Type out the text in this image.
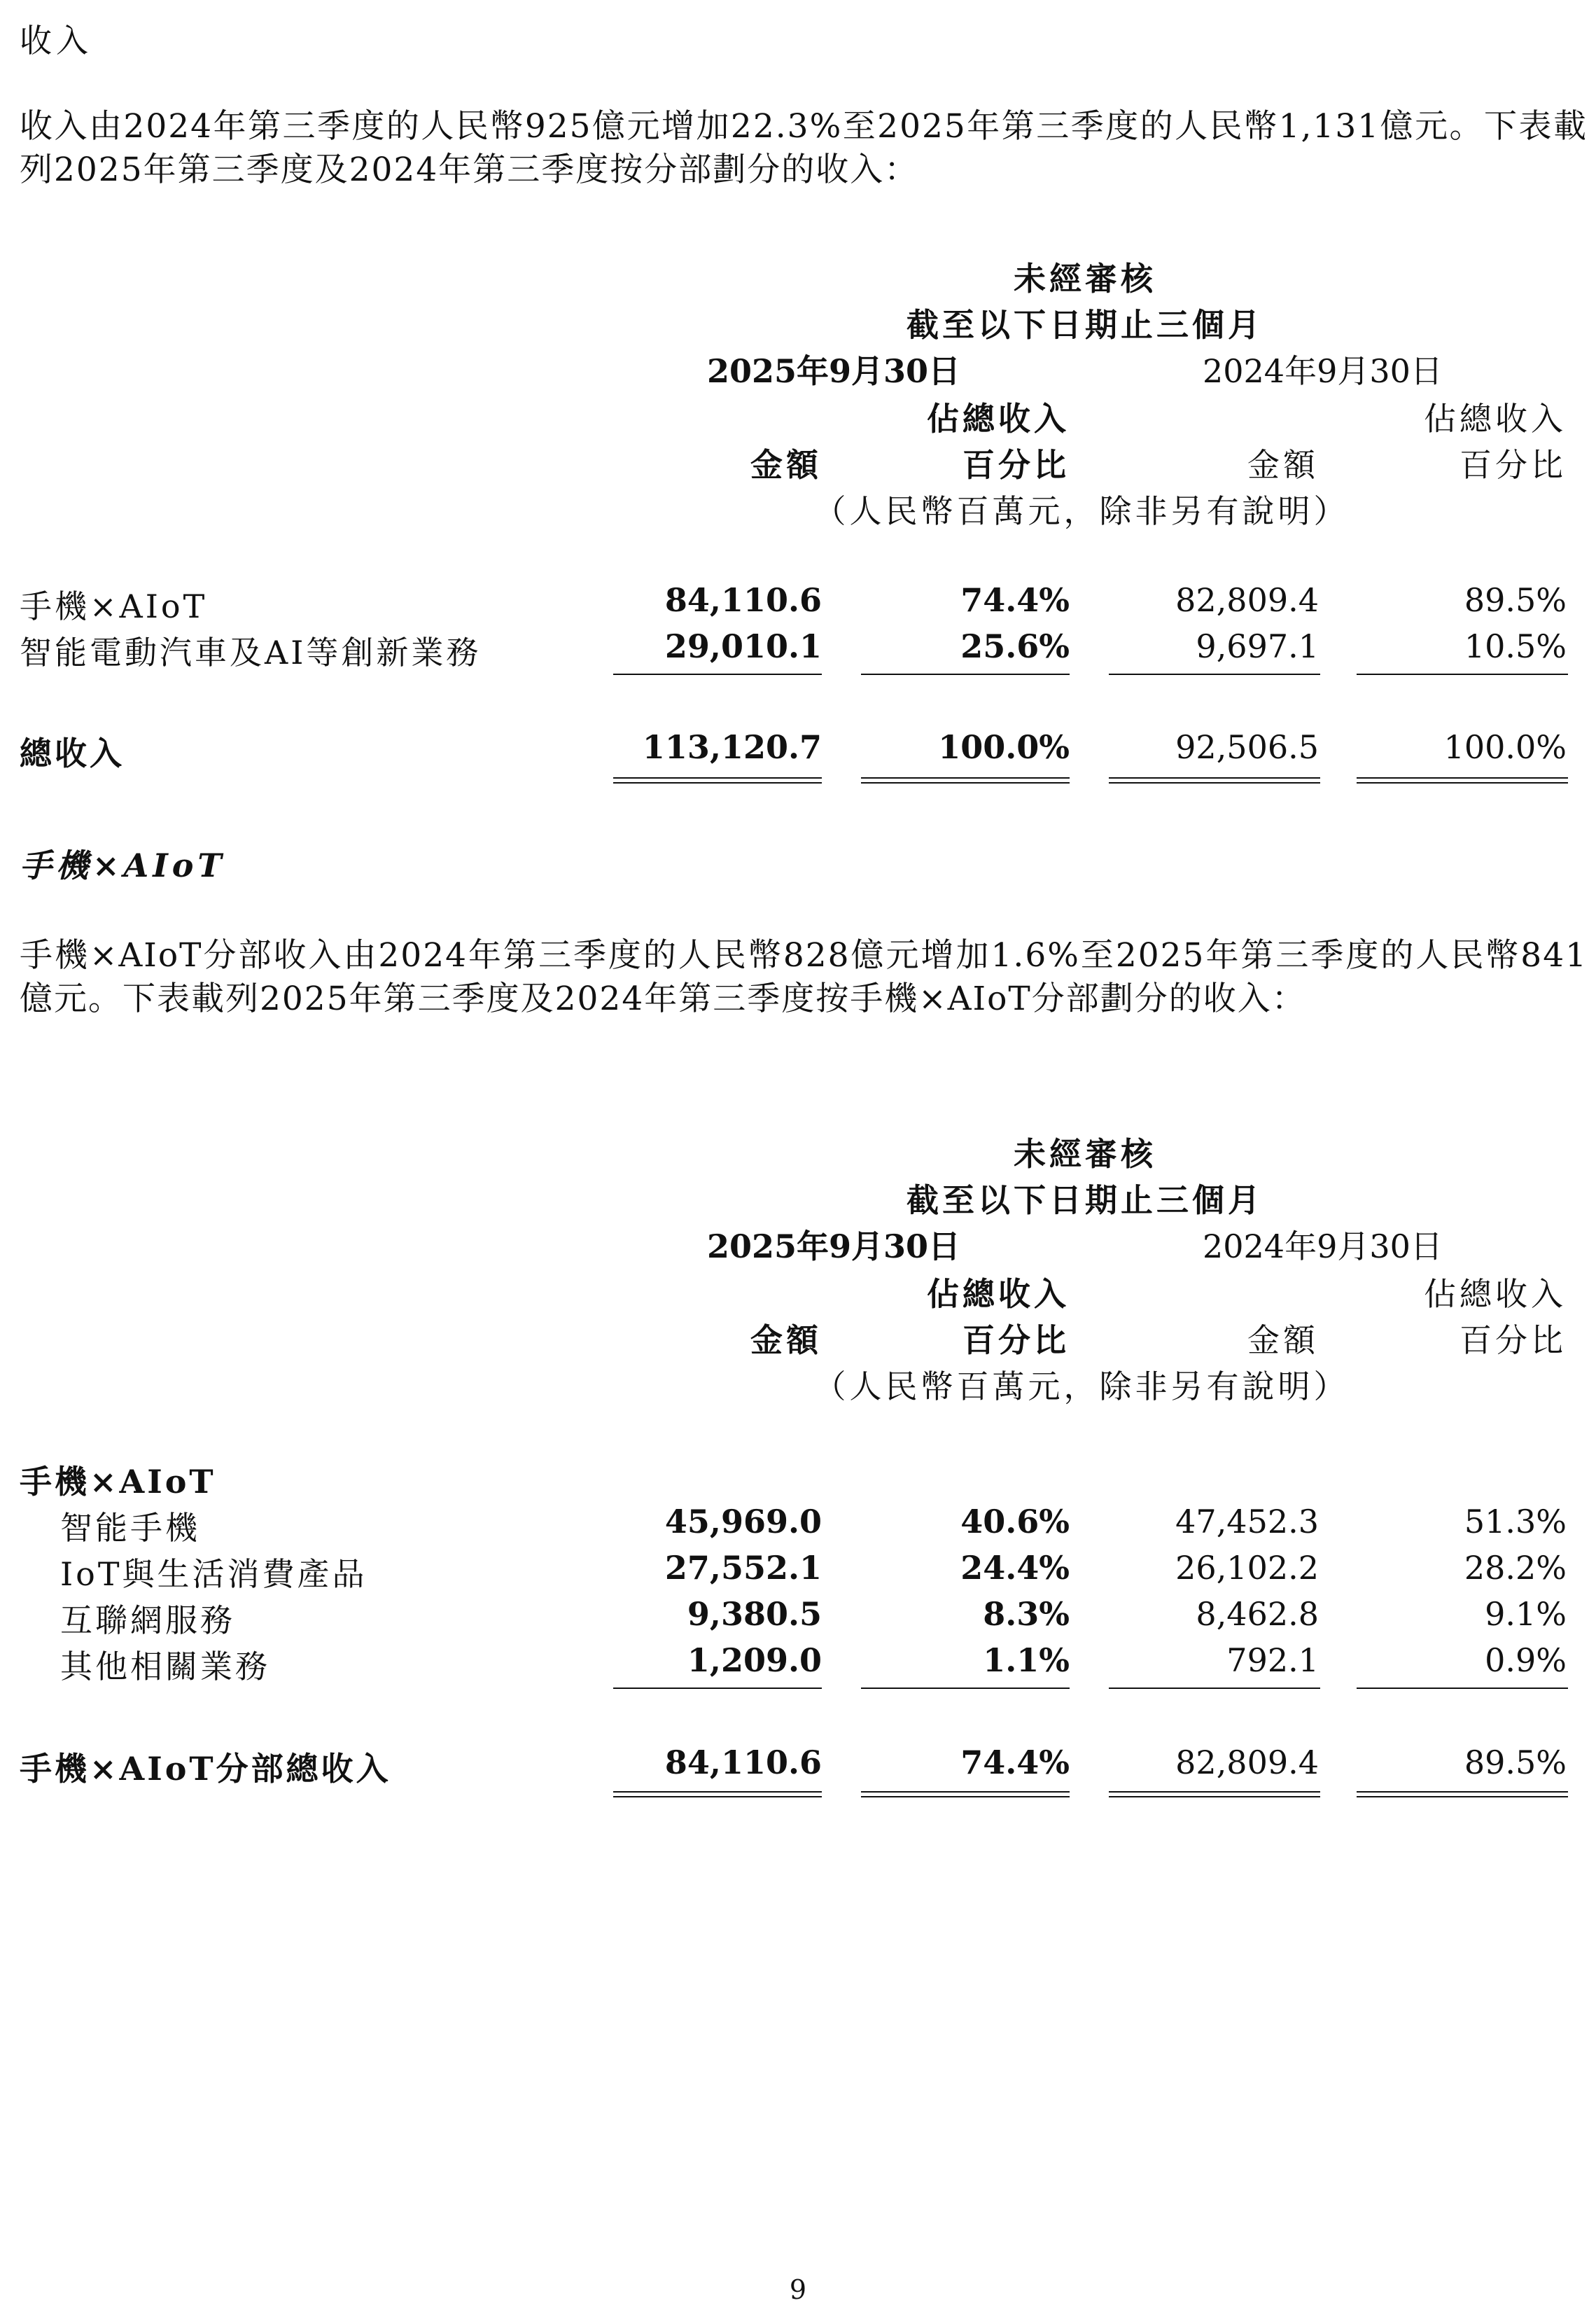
收入
收入由2024年第三季度的人民幣925億元增加22.3%至2025年第三季度的人民幣1,131億元。下表載列2025年第三季度及2024年第三季度按分部劃分的收入：
未經審核
截至以下日期止三個月
2025年9月30日	2024年9月30日
佔總收入	佔總收入
金額	百分比	金額	百分比
（人民幣百萬元，除非另有說明）
手機×AIoT	84,110.6	74.4%	82,809.4	89.5%
智能電動汽車及AI等創新業務	29,010.1	25.6%	9,697.1	10.5%
總收入	113,120.7	100.0%	92,506.5	100.0%
手機×AIoT
手機×AIoT分部收入由2024年第三季度的人民幣828億元增加1.6%至2025年第三季度的人民幣841億元。下表載列2025年第三季度及2024年第三季度按手機×AIoT分部劃分的收入：
未經審核
截至以下日期止三個月
2025年9月30日	2024年9月30日
佔總收入	佔總收入
金額	百分比	金額	百分比
（人民幣百萬元，除非另有說明）
手機×AIoT
智能手機	45,969.0	40.6%	47,452.3	51.3%
IoT與生活消費產品	27,552.1	24.4%	26,102.2	28.2%
互聯網服務	9,380.5	8.3%	8,462.8	9.1%
其他相關業務	1,209.0	1.1%	792.1	0.9%
手機×AIoT分部總收入	84,110.6	74.4%	82,809.4	89.5%
9
